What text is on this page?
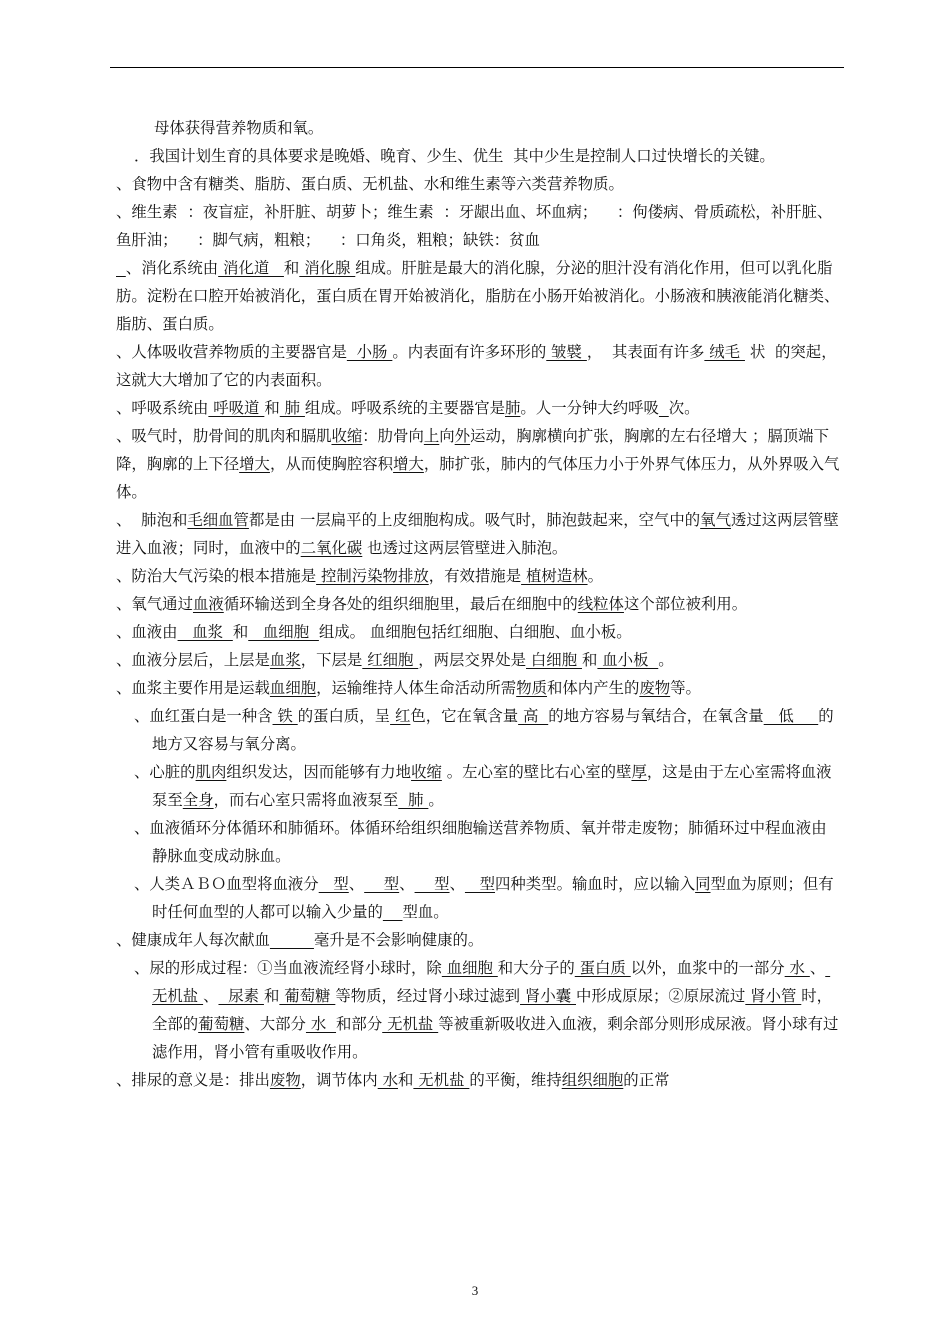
母体获得营养物质和氧。
．我国计划生育的具体要求是晚婚、晚育、少生、优生  其中少生是控制人口过快增长的关键。
、食物中含有糖类、脂肪、蛋白质、无机盐、水和维生素等六类营养物质。
、维生素  ：夜盲症，补肝脏、胡萝卜；维生素  ：牙龈出血、坏血病；    ：佝偻病、骨质疏松，补肝脏、鱼肝油；    ：脚气病，粗粮；    ：口角炎，粗粮；缺铁：贫血
、消化系统由 消化道   和 消化腺 组成。肝脏是最大的消化腺，分泌的胆汁没有消化作用，但可以乳化脂肪。淀粉在口腔开始被消化，蛋白质在胃开始被消化，脂肪在小肠开始被消化。小肠液和胰液能消化糖类、脂肪、蛋白质。
、人体吸收营养物质的主要器官是  小肠 。内表面有许多环形的 皱襞 ，  其表面有许多 绒毛  状  的突起，这就大大增加了它的内表面积。
、呼吸系统由 呼吸道 和 肺 组成。呼吸系统的主要器官是肺。人一分钟大约呼吸 次。
、吸气时，肋骨间的肌肉和膈肌收缩：肋骨向上向外运动，胸廓横向扩张，胸廓的左右径增大 ；膈顶端下降，胸廓的上下径增大，从而使胸腔容积增大，肺扩张，肺内的气体压力小于外界气体压力，从外界吸入气体。
、  肺泡和毛细血管都是由 一层扁平的上皮细胞构成。吸气时，肺泡鼓起来，空气中的氧气透过这两层管壁进入血液；同时，血液中的二氧化碳 也透过这两层管壁进入肺泡。
、防治大气污染的根本措施是 控制污染物排放，有效措施是 植树造林。
、氧气通过血液循环输送到全身各处的组织细胞里，最后在细胞中的线粒体这个部位被利用。
、血液由   血浆  和   血细胞  组成。 血细胞包括红细胞、白细胞、血小板。
、血液分层后，上层是血浆，下层是 红细胞 ，两层交界处是 白细胞 和 血小板  。
、血浆主要作用是运载血细胞，运输维持人体生命活动所需物质和体内产生的废物等。
、血红蛋白是一种含 铁 的蛋白质，呈 红色，它在氧含量 高  的地方容易与氧结合，在氧含量   低     的地方又容易与氧分离。
、心脏的肌肉组织发达，因而能够有力地收缩 。左心室的壁比右心室的壁厚，这是由于左心室需将血液泵至全身，而右心室只需将血液泵至  肺 。
、血液循环分体循环和肺循环。体循环给组织细胞输送营养物质、氧并带走废物；肺循环过中程血液由静脉血变成动脉血。
、人类ＡＢＯ血型将血液分   型、    型、    型、   型四种类型。输血时，应以输入同型血为原则；但有时任何血型的人都可以输入少量的 型血。
、健康成年人每次献血	毫升是不会影响健康的。
、尿的形成过程：①当血液流经肾小球时，除 血细胞 和大分子的 蛋白质 以外，血浆中的一部分 水 、 无机盐 、  尿素 和 葡萄糖 等物质，经过肾小球过滤到 肾小囊 中形成原尿；②原尿流过 肾小管 时，全部的葡萄糖、大部分 水  和部分 无机盐 等被重新吸收进入血液，剩余部分则形成尿液。肾小球有过滤作用，肾小管有重吸收作用。
、排尿的意义是：排出废物，调节体内 水和 无机盐 的平衡，维持组织细胞的正常
3
